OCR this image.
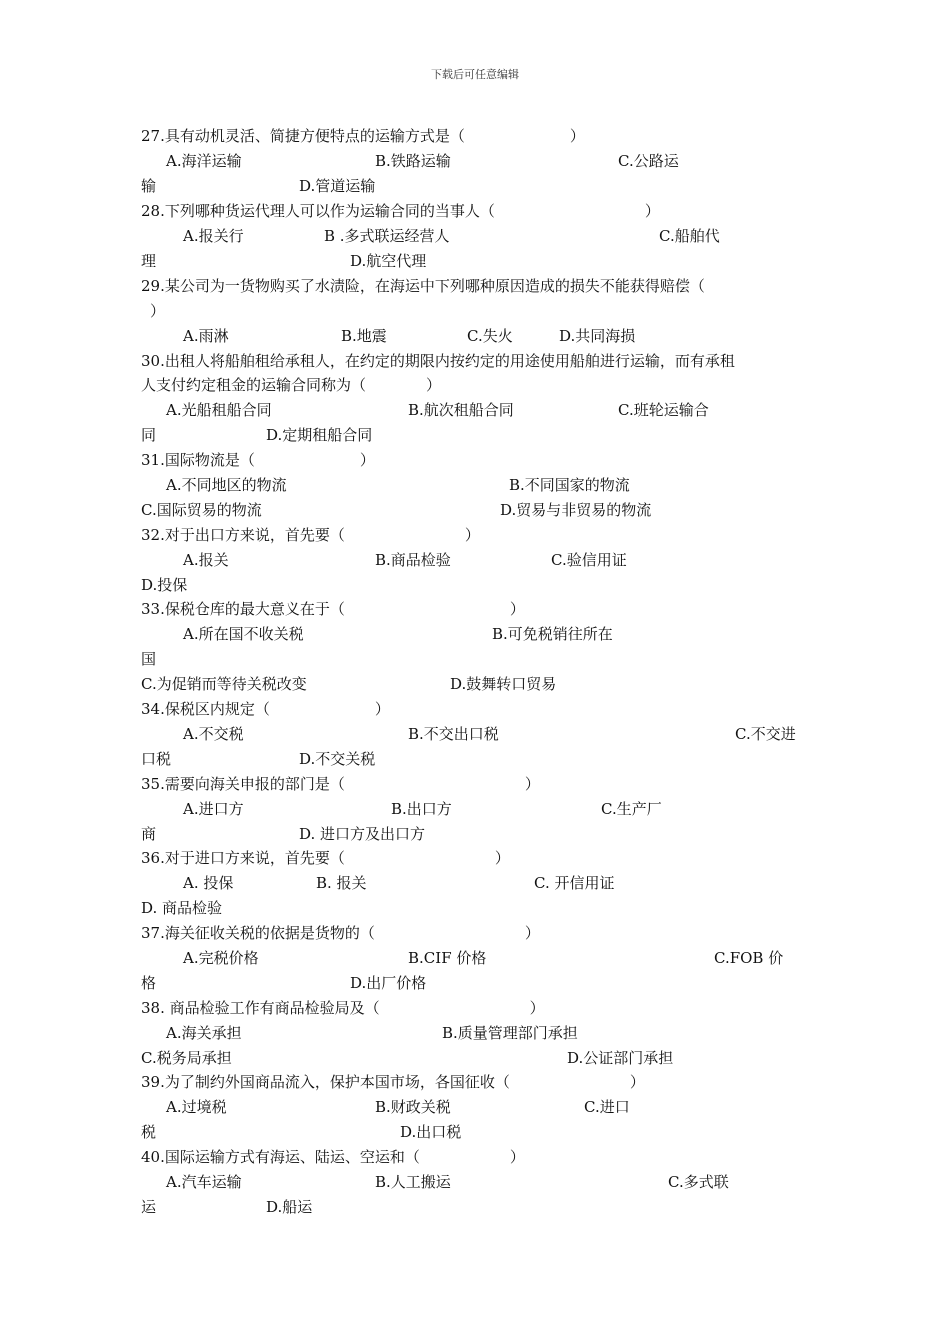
下载后可任意编辑
27.具有动机灵活、简捷方便特点的运输方式是（　　　　　　　）
A.海洋运输	B.铁路运输	C.公路运
输	D.管道运输
28.下列哪种货运代理人可以作为运输合同的当事人（　　　　　　　　　　）
A.报关行	B .多式联运经营人	C.船舶代
理	D.航空代理
29.某公司为一货物购买了水渍险，在海运中下列哪种原因造成的损失不能获得赔偿（
）
A.雨淋	B.地震	C.失火	D.共同海损
30.出租人将船舶租给承租人，在约定的期限内按约定的用途使用船舶进行运输，而有承租
人支付约定租金的运输合同称为（　　　　）
A.光船租船合同	B.航次租船合同	C.班轮运输合
同	D.定期租船合同
31.国际物流是（　　　　　　　）
A.不同地区的物流	B.不同国家的物流
C.国际贸易的物流	D.贸易与非贸易的物流
32.对于出口方来说，首先要（　　　　　　　　）
A.报关	B.商品检验	C.验信用证
D.投保
33.保税仓库的最大意义在于（　　　　　　　　　　　）
A.所在国不收关税	B.可免税销往所在
国
C.为促销而等待关税改变	D.鼓舞转口贸易
34.保税区内规定（　　　　　　　）
A.不交税	B.不交出口税	C.不交进
口税	D.不交关税
35.需要向海关申报的部门是（　　　　　　　　　　　　）
A.进口方	B.出口方	C.生产厂
商	D. 进口方及出口方
36.对于进口方来说，首先要（　　　　　　　　　　）
A. 投保	B. 报关	C. 开信用证
D. 商品检验
37.海关征收关税的依据是货物的（　　　　　　　　　　）
A.完税价格	B.CIF 价格	C.FOB 价
格	D.出厂价格
38. 商品检验工作有商品检验局及（　　　　　　　　　　）
A.海关承担	B.质量管理部门承担
C.税务局承担	D.公证部门承担
39.为了制约外国商品流入，保护本国市场，各国征收（　　　　　　　　）
A.过境税	B.财政关税	C.进口
税	D.出口税
40.国际运输方式有海运、陆运、空运和（　　　　　　）
A.汽车运输	B.人工搬运	C.多式联
运	D.船运
